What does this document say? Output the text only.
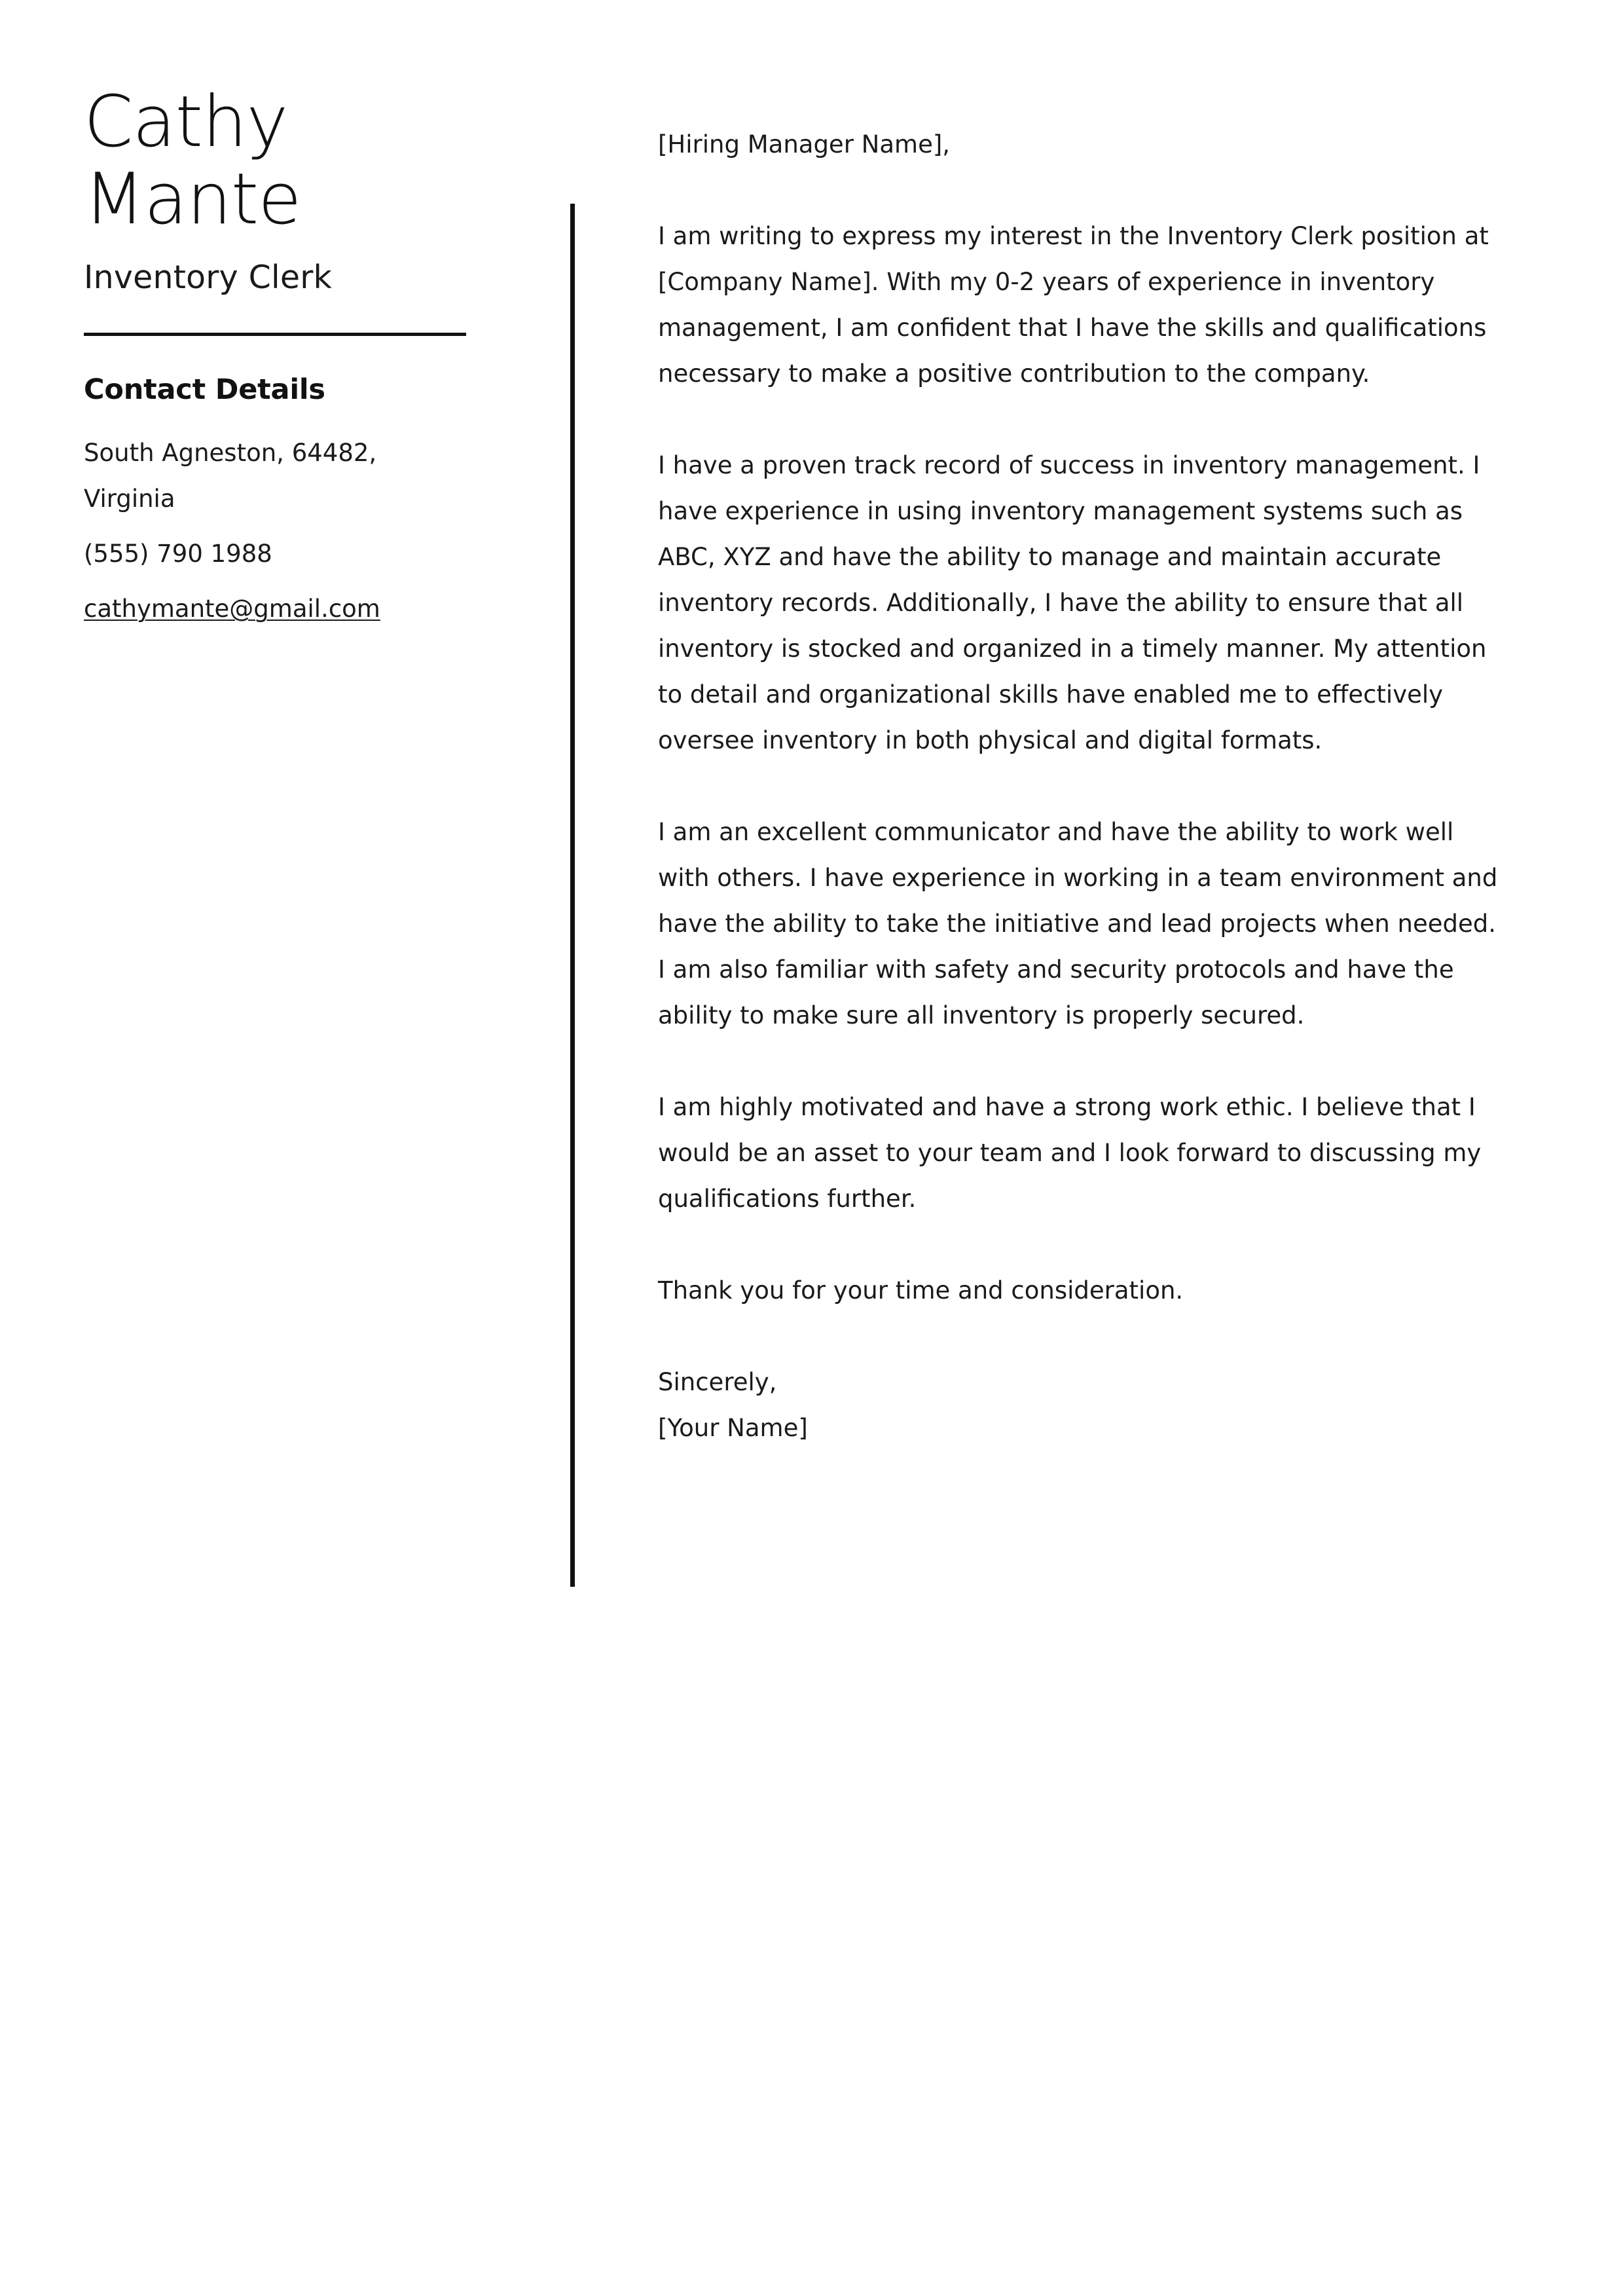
Cathy
Mante
Inventory Clerk
Contact Details
South Agneston, 64482,
Virginia
(555) 790 1988
cathymante@gmail.com

[Hiring Manager Name],

I am writing to express my interest in the Inventory Clerk position at [Company Name]. With my 0-2 years of experience in inventory management, I am confident that I have the skills and qualifications necessary to make a positive contribution to the company.

I have a proven track record of success in inventory management. I have experience in using inventory management systems such as ABC, XYZ and have the ability to manage and maintain accurate inventory records. Additionally, I have the ability to ensure that all inventory is stocked and organized in a timely manner. My attention to detail and organizational skills have enabled me to effectively oversee inventory in both physical and digital formats.

I am an excellent communicator and have the ability to work well with others. I have experience in working in a team environment and have the ability to take the initiative and lead projects when needed. I am also familiar with safety and security protocols and have the ability to make sure all inventory is properly secured.

I am highly motivated and have a strong work ethic. I believe that I would be an asset to your team and I look forward to discussing my qualifications further.

Thank you for your time and consideration.

Sincerely,
[Your Name]
